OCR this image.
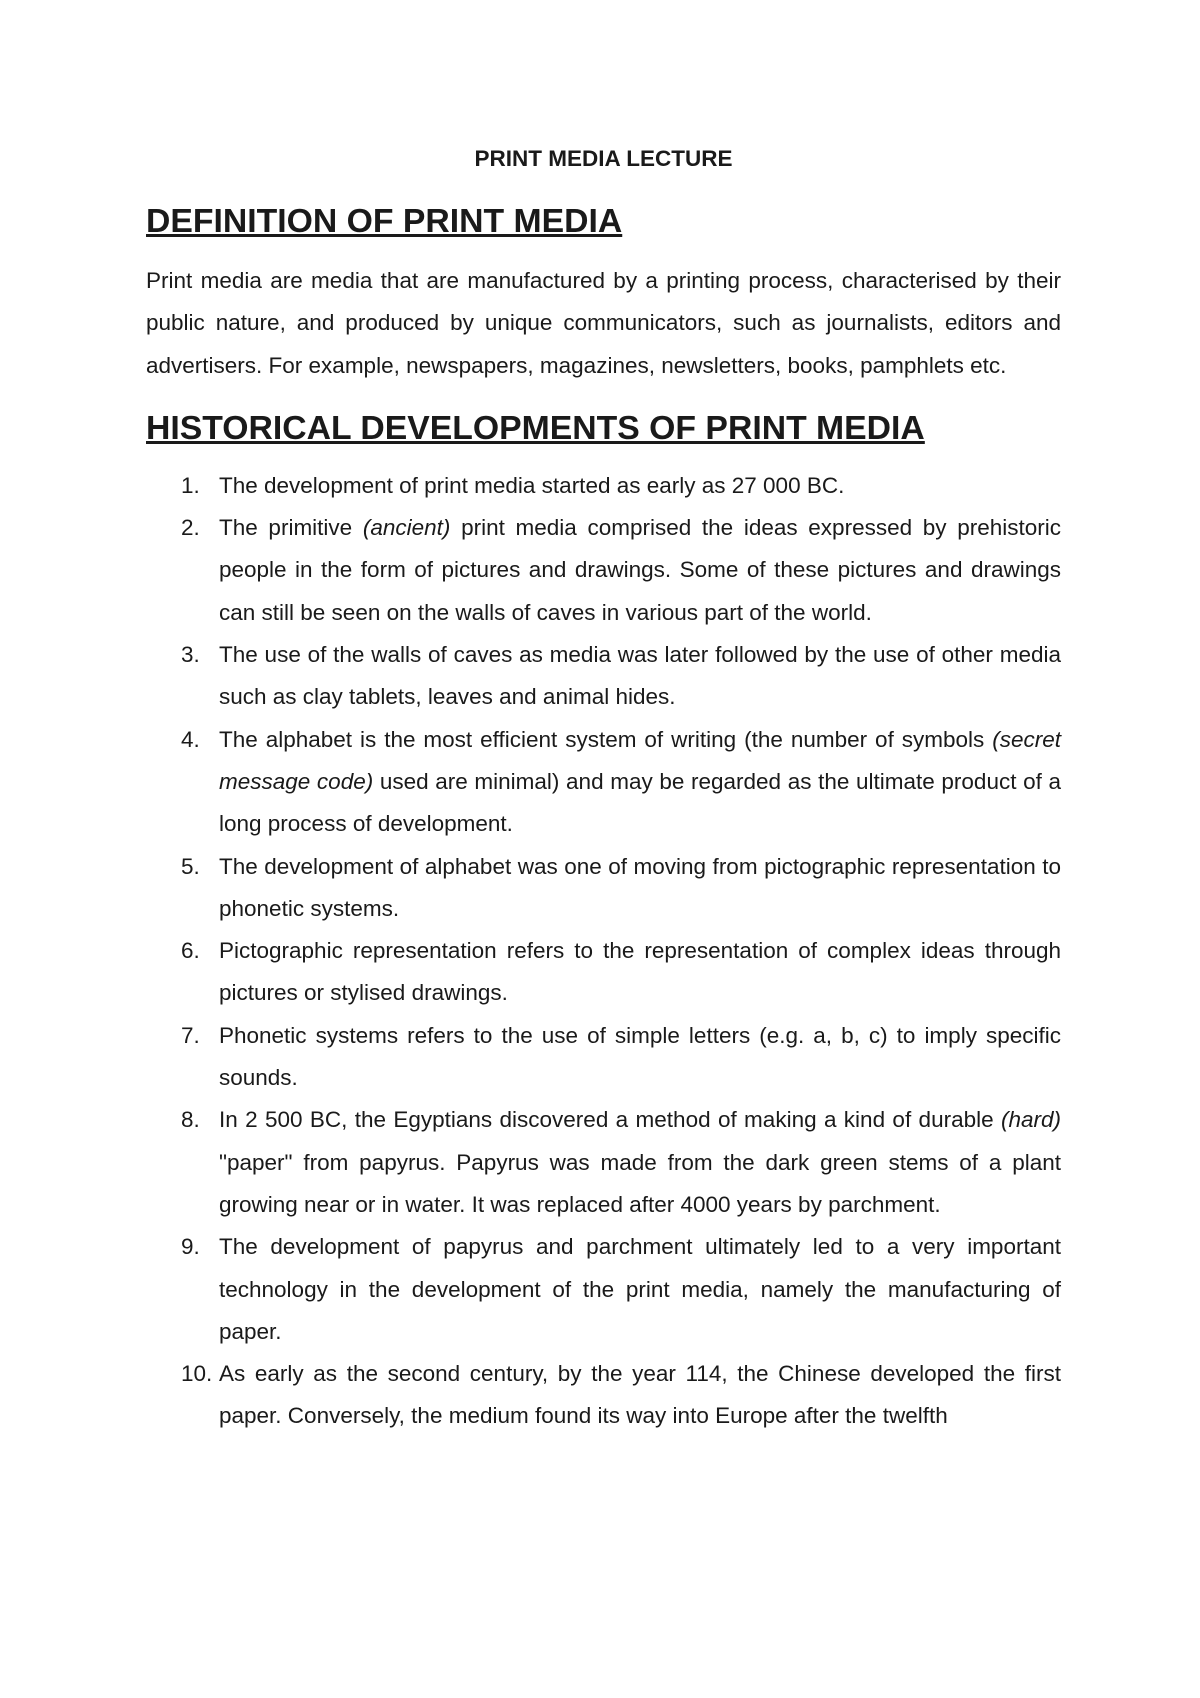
PRINT MEDIA LECTURE
DEFINITION OF PRINT MEDIA

Print media are media that are manufactured by a printing process, characterised by their public nature, and produced by unique communicators, such as journalists, editors and advertisers. For example, newspapers, magazines, newsletters, books, pamphlets etc.

HISTORICAL DEVELOPMENTS OF PRINT MEDIA
1. The development of print media started as early as 27 000 BC.
2. The primitive (ancient) print media comprised the ideas expressed by prehistoric people in the form of pictures and drawings. Some of these pictures and drawings can still be seen on the walls of caves in various part of the world.
3. The use of the walls of caves as media was later followed by the use of other media such as clay tablets, leaves and animal hides.
4. The alphabet is the most efficient system of writing (the number of symbols (secret message code) used are minimal) and may be regarded as the ultimate product of a long process of development.
5. The development of alphabet was one of moving from pictographic representation to phonetic systems.
6. Pictographic representation refers to the representation of complex ideas through pictures or stylised drawings.
7. Phonetic systems refers to the use of simple letters (e.g. a, b, c) to imply specific sounds.
8. In 2 500 BC, the Egyptians discovered a method of making a kind of durable (hard) "paper" from papyrus. Papyrus was made from the dark green stems of a plant growing near or in water. It was replaced after 4000 years by parchment.
9. The development of papyrus and parchment ultimately led to a very important technology in the development of the print media, namely the manufacturing of paper.
10. As early as the second century, by the year 114, the Chinese developed the first paper. Conversely, the medium found its way into Europe after the twelfth
